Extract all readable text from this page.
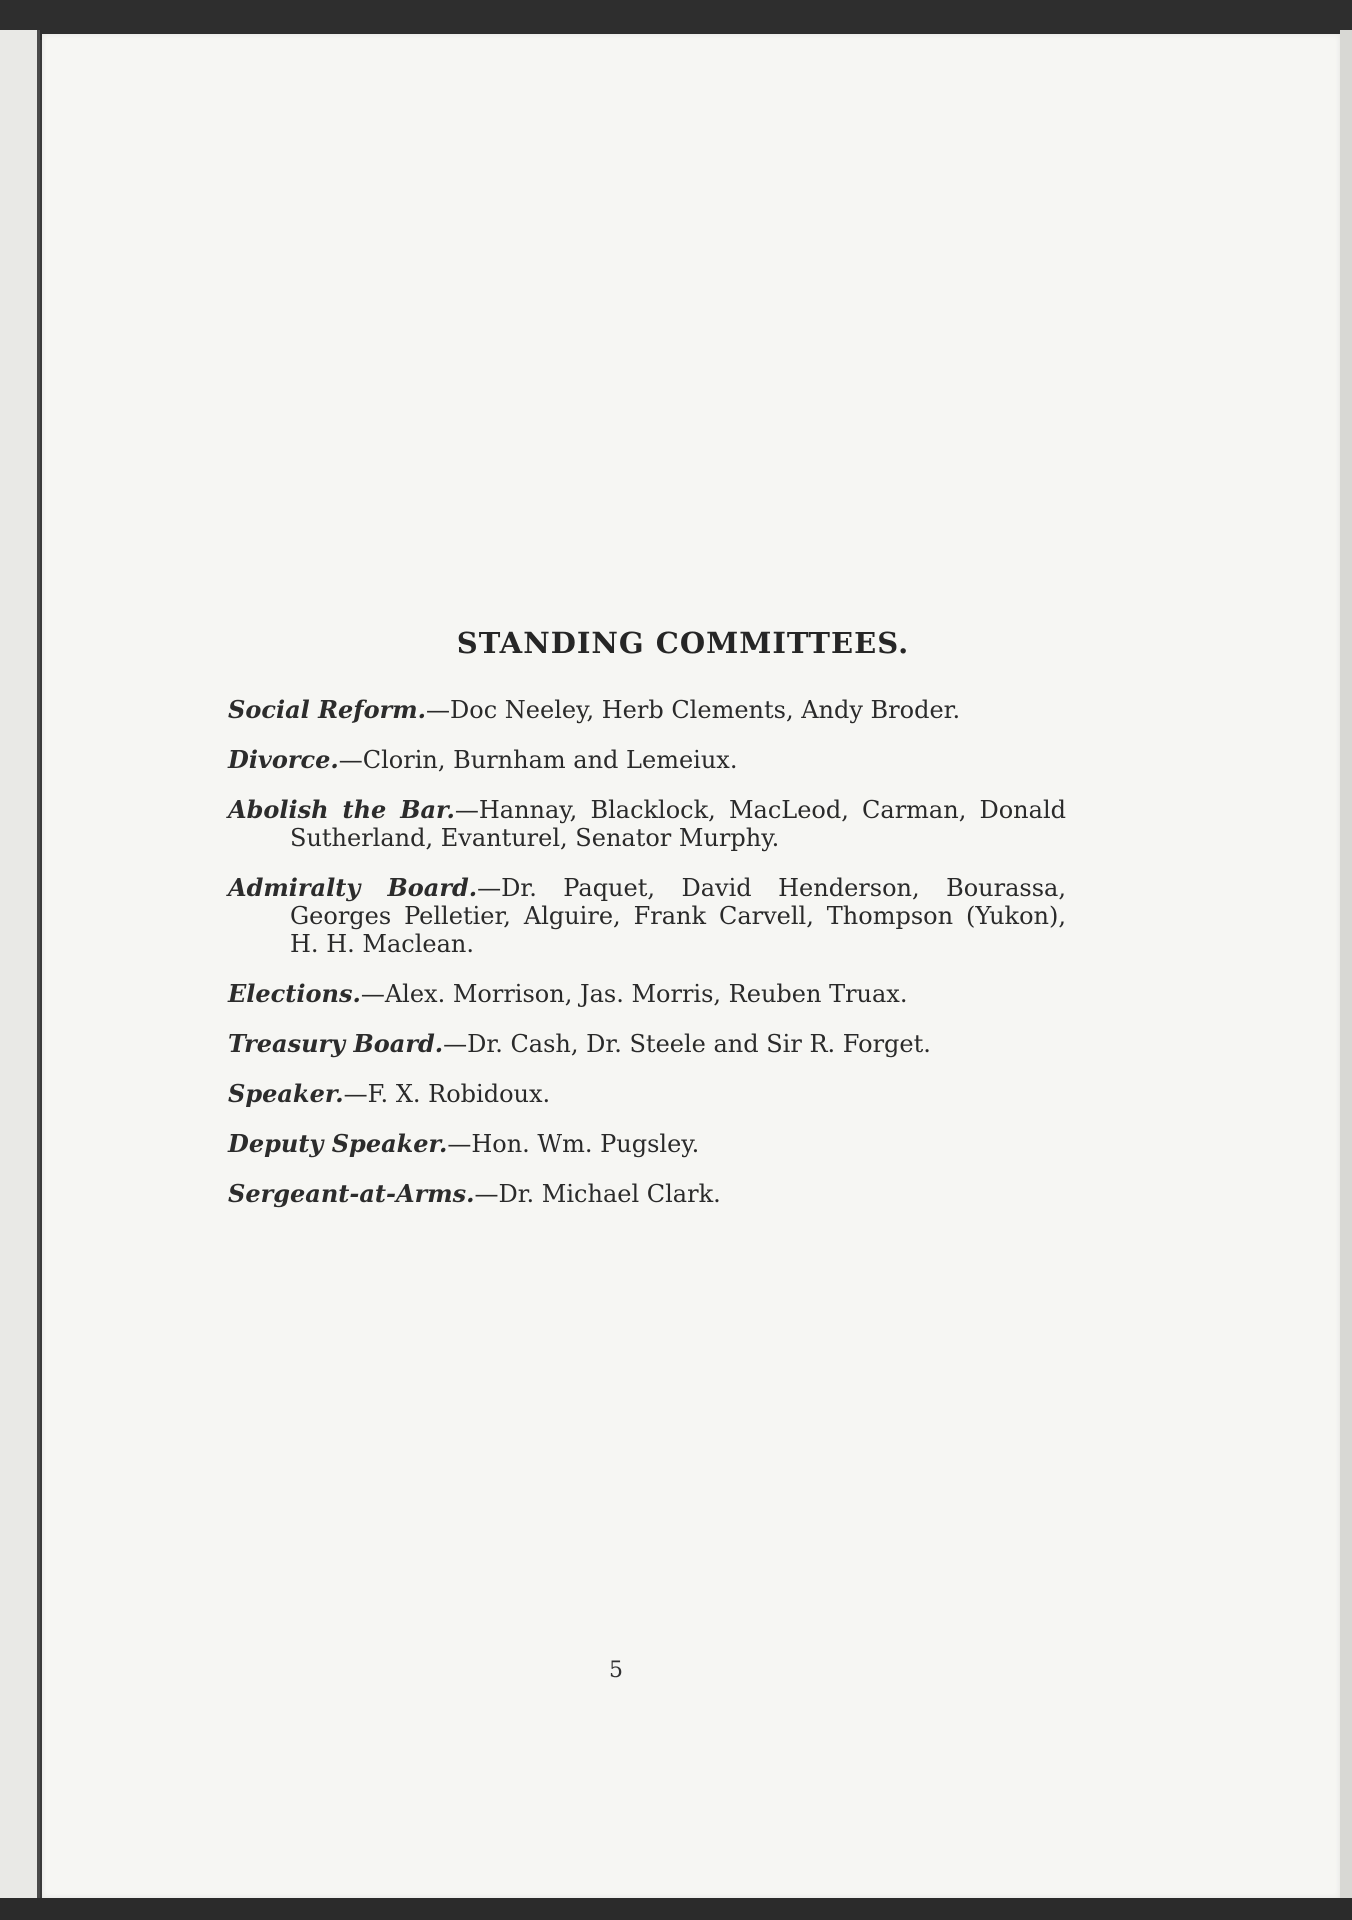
STANDING COMMITTEES.

Social Reform.—Doc Neeley, Herb Clements, Andy Broder.

Divorce.—Clorin, Burnham and Lemeiux.

Abolish the Bar.—Hannay, Blacklock, MacLeod, Carman, Donald Sutherland, Evanturel, Senator Murphy.

Admiralty Board.—Dr. Paquet, David Henderson, Bourassa, Georges Pelletier, Alguire, Frank Carvell, Thompson (Yukon), H. H. Maclean.

Elections.—Alex. Morrison, Jas. Morris, Reuben Truax.

Treasury Board.—Dr. Cash, Dr. Steele and Sir R. Forget.

Speaker.—F. X. Robidoux.

Deputy Speaker.—Hon. Wm. Pugsley.

Sergeant-at-Arms.—Dr. Michael Clark.

5
